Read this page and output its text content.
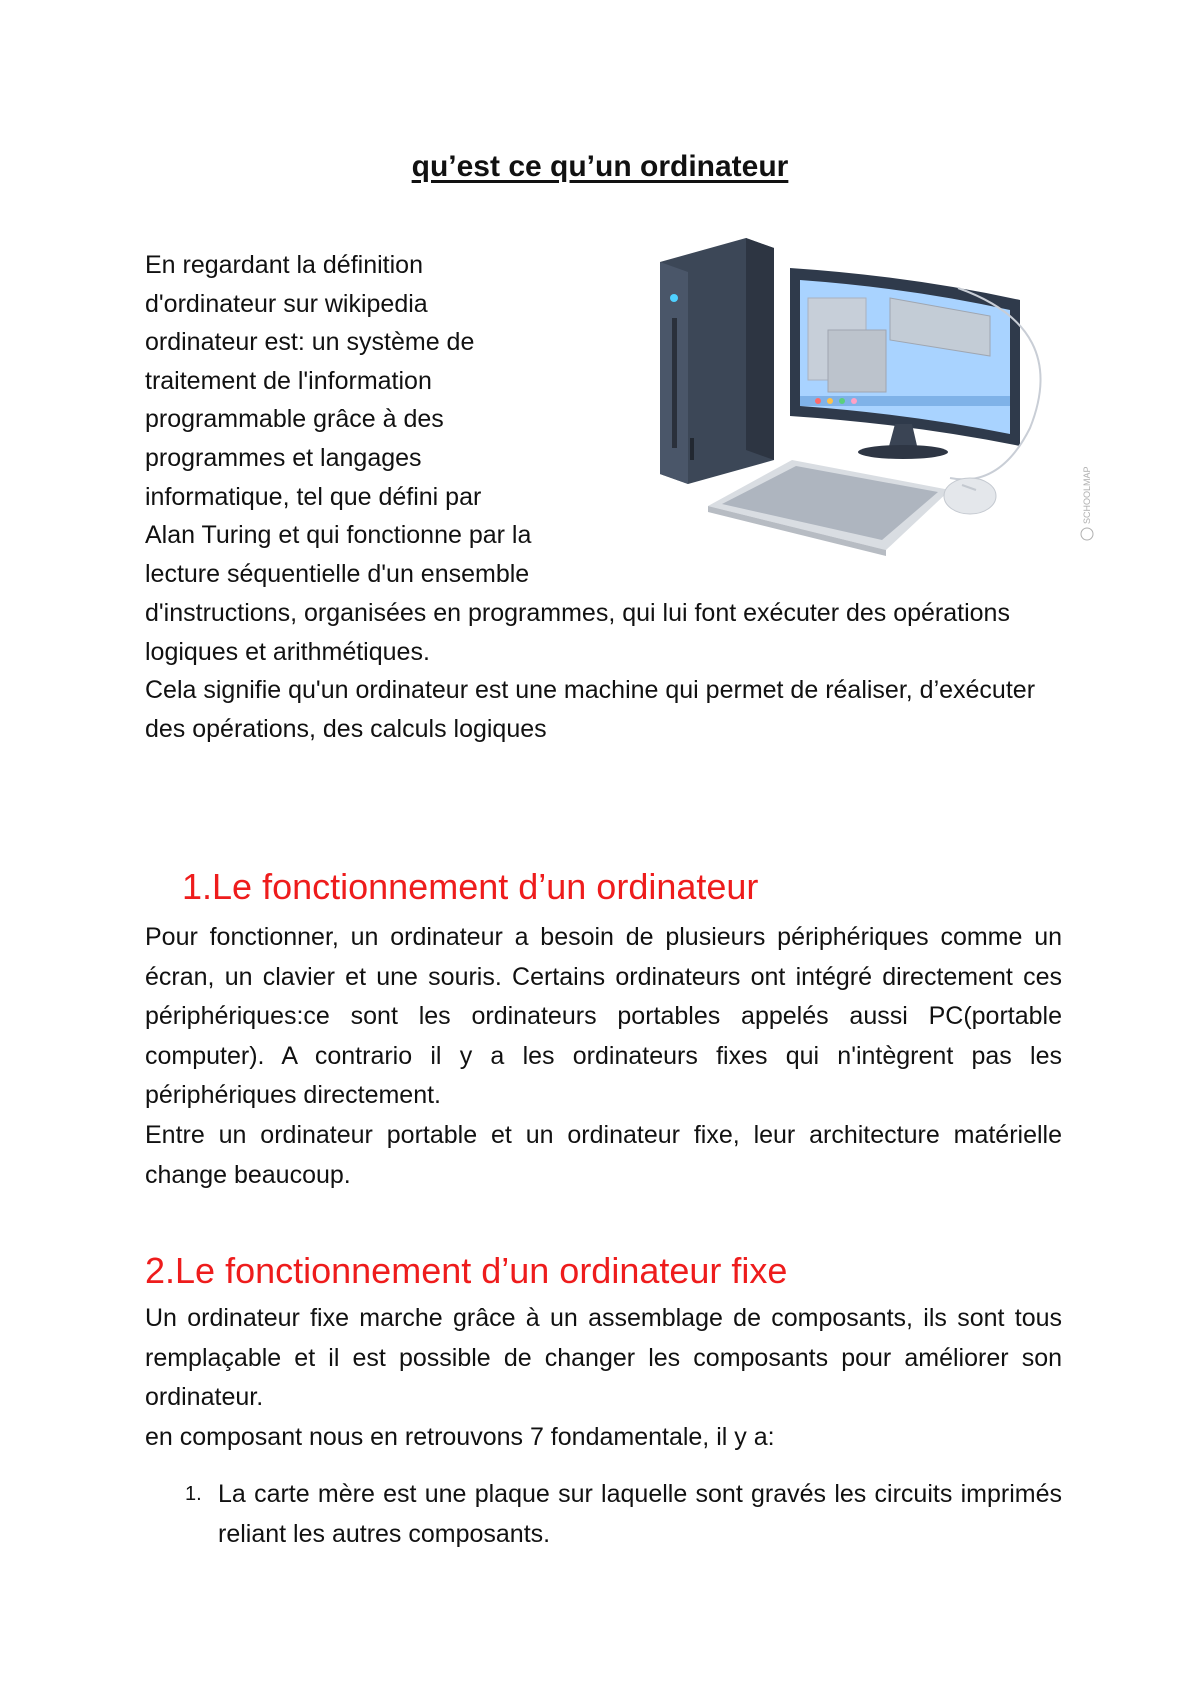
qu’est ce qu’un ordinateur
En regardant la définition
d'ordinateur sur wikipedia
ordinateur est: un système de
traitement de l'information
programmable grâce à des
programmes et langages
informatique, tel que défini par
Alan Turing et qui fonctionne par la
lecture séquentielle d'un ensemble
d'instructions, organisées en programmes, qui lui font exécuter des opérations logiques et arithmétiques.
Cela signifie qu'un ordinateur est une machine qui permet de réaliser, d’exécuter des opérations, des calculs logiques
SCHOOLMAP
1.Le fonctionnement d’un ordinateur
Pour fonctionner, un ordinateur a besoin de plusieurs périphériques comme un écran, un clavier et une souris. Certains ordinateurs ont intégré directement ces périphériques:ce sont les ordinateurs portables appelés aussi PC(portable computer). A contrario il y a les ordinateurs fixes qui n'intègrent pas les périphériques directement.
Entre un ordinateur portable et un ordinateur fixe, leur architecture matérielle change beaucoup.
2.Le fonctionnement d’un ordinateur fixe
Un ordinateur fixe marche grâce à un assemblage de composants, ils sont tous remplaçable et il est possible de changer les composants pour améliorer son ordinateur.
en composant nous en retrouvons 7 fondamentale, il y a:
1. La carte mère est une plaque sur laquelle sont gravés les circuits imprimés reliant les autres composants.
